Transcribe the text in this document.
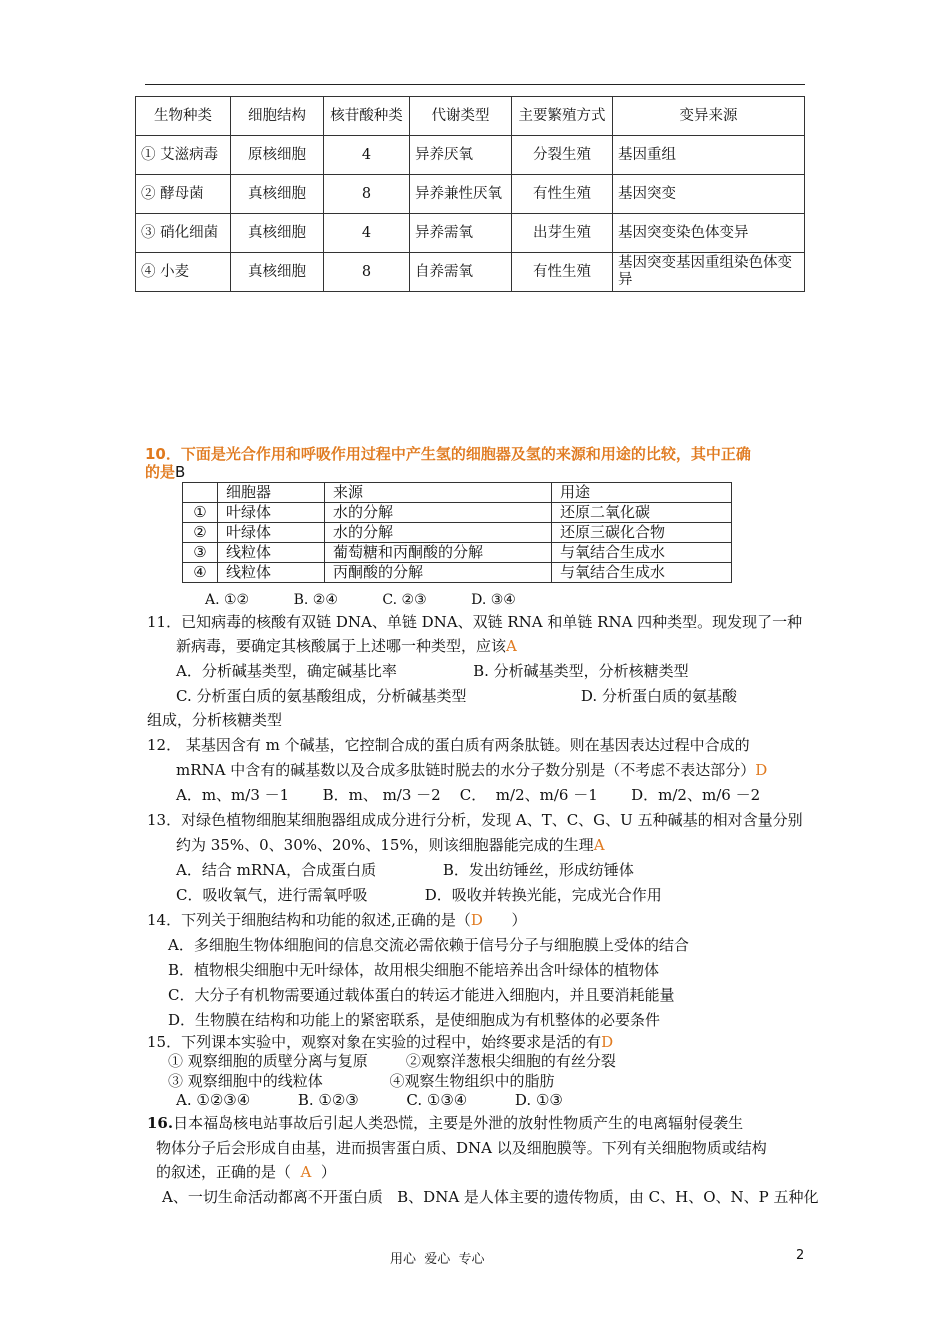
生物种类	细胞结构	核苷酸种类	代谢类型	主要繁殖方式	变异来源
① 艾滋病毒	原核细胞	4	异养厌氧	分裂生殖	基因重组
② 酵母菌	真核细胞	8	异养兼性厌氧	有性生殖	基因突变
③ 硝化细菌	真核细胞	4	异养需氧	出芽生殖	基因突变染色体变异
④ 小麦	真核细胞	8	自养需氧	有性生殖	基因突变基因重组染色体变异
10．下面是光合作用和呼吸作用过程中产生氢的细胞器及氢的来源和用途的比较，其中正确
的是B
	细胞器	来源	用途
①	叶绿体	水的分解	还原二氧化碳
②	叶绿体	水的分解	还原三碳化合物
③	线粒体	葡萄糖和丙酮酸的分解	与氧结合生成水
④	线粒体	丙酮酸的分解	与氧结合生成水
A. ①②          B. ②④          C. ②③          D. ③④
11．已知病毒的核酸有双链 DNA、单链 DNA、双链 RNA 和单链 RNA 四种类型。现发现了一种
新病毒，要确定其核酸属于上述哪一种类型，应该A
A．分析碱基类型，确定碱基比率                B. 分析碱基类型，分析核糖类型
C. 分析蛋白质的氨基酸组成，分析碱基类型                        D. 分析蛋白质的氨基酸
组成，分析核糖类型
12． 某基因含有 m 个碱基，它控制合成的蛋白质有两条肽链。则在基因表达过程中合成的
mRNA 中含有的碱基数以及合成多肽链时脱去的水分子数分别是（不考虑不表达部分）D
A．m、m/3 －1       B．m、 m/3 －2    C．  m/2、m/6 －1       D．m/2、m/6 －2
13．对绿色植物细胞某细胞器组成成分进行分析，发现 A、T、C、G、U 五种碱基的相对含量分别
约为 35%、0、30%、20%、15%，则该细胞器能完成的生理A
A．结合 mRNA，合成蛋白质              B．发出纺锤丝，形成纺锤体
C．吸收氧气，进行需氧呼吸            D．吸收并转换光能，完成光合作用
14．下列关于细胞结构和功能的叙述,正确的是（D      ）
A．多细胞生物体细胞间的信息交流必需依赖于信号分子与细胞膜上受体的结合
B．植物根尖细胞中无叶绿体，故用根尖细胞不能培养出含叶绿体的植物体
C．大分子有机物需要通过载体蛋白的转运才能进入细胞内，并且要消耗能量
D．生物膜在结构和功能上的紧密联系，是使细胞成为有机整体的必要条件
15．下列课本实验中，观察对象在实验的过程中，始终要求是活的有D
① 观察细胞的质壁分离与复原        ②观察洋葱根尖细胞的有丝分裂
③ 观察细胞中的线粒体              ④观察生物组织中的脂肪
A. ①②③④          B. ①②③          C. ①③④          D. ①③
16.日本福岛核电站事故后引起人类恐慌，主要是外泄的放射性物质产生的电离辐射侵袭生
物体分子后会形成自由基，进而损害蛋白质、DNA 以及细胞膜等。下列有关细胞物质或结构
的叙述，正确的是（  A  ）
A、一切生命活动都离不开蛋白质   B、DNA 是人体主要的遗传物质，由 C、H、O、N、P 五种化
用心  爱心  专心	2
